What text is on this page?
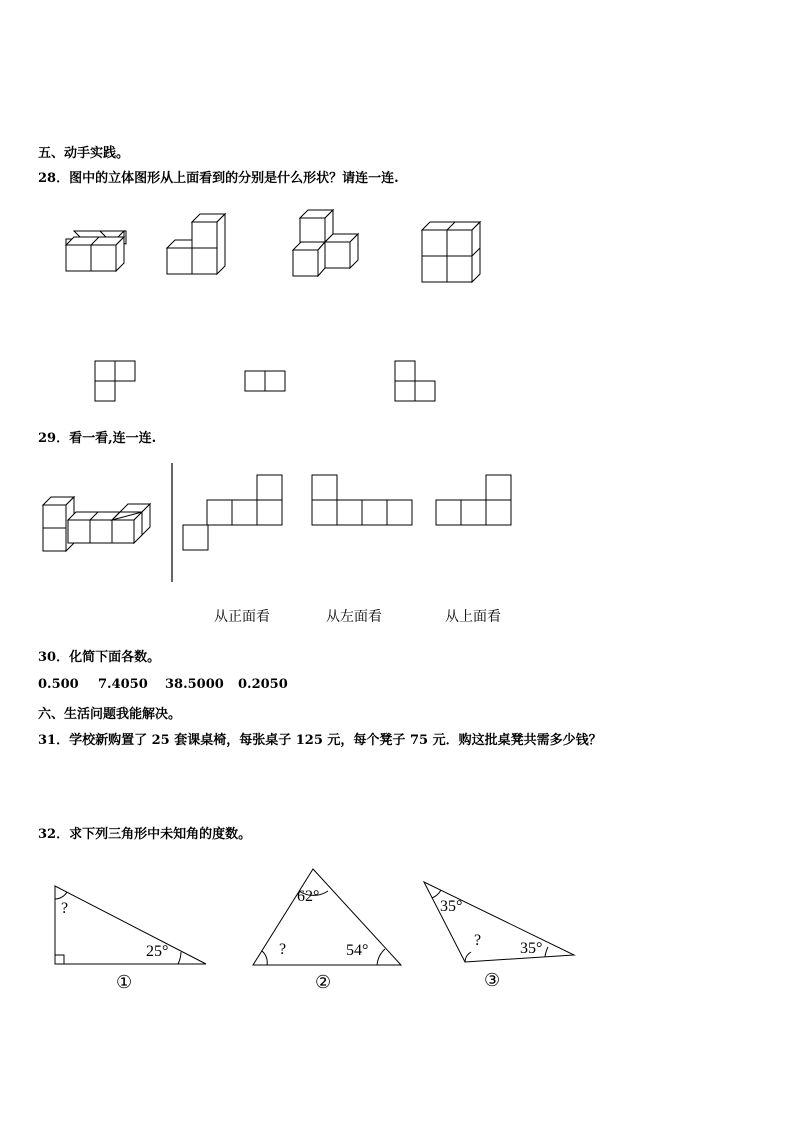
五、动手实践。
28．图中的立体图形从上面看到的分别是什么形状？请连一连.
29．看一看,连一连.
从正面看	从左面看	从上面看
30．化简下面各数。
0.500 7.4050 38.5000 0.2050
六、生活问题我能解决。
31．学校新购置了 25 套课桌椅，每张桌子 125 元，每个凳子 75 元．购这批桌凳共需多少钱？
32．求下列三角形中未知角的度数。
?
25°
①
62°
?	54°
②
35°
? 35°
③
